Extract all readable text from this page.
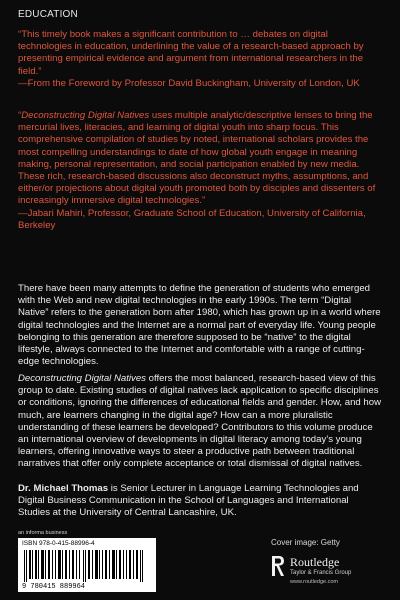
EDUCATION
“This timely book makes a significant contribution to … debates on digital technologies in education, underlining the value of a research-based approach by presenting empirical evidence and argument from international researchers in the field.”
—From the Foreword by Professor David Buckingham, University of London, UK
“Deconstructing Digital Natives uses multiple analytic/descriptive lenses to bring the mercurial lives, literacies, and learning of digital youth into sharp focus. This comprehensive compilation of studies by noted, international scholars provides the most compelling understandings to date of how global youth engage in meaning making, personal representation, and social participation enabled by new media. These rich, research-based discussions also deconstruct myths, assumptions, and either/or projections about digital youth promoted both by disciples and dissenters of increasingly immersive digital technologies.”
—Jabari Mahiri, Professor, Graduate School of Education, University of California, Berkeley
There have been many attempts to define the generation of students who emerged with the Web and new digital technologies in the early 1990s. The term “Digital Native” refers to the generation born after 1980, which has grown up in a world where digital technologies and the Internet are a normal part of everyday life. Young people belonging to this generation are therefore supposed to be “native” to the digital lifestyle, always connected to the Internet and comfortable with a range of cutting-edge technologies.
Deconstructing Digital Natives offers the most balanced, research-based view of this group to date. Existing studies of digital natives lack application to specific disciplines or conditions, ignoring the differences of educational fields and gender. How, and how much, are learners changing in the digital age? How can a more pluralistic understanding of these learners be developed? Contributors to this volume produce an international overview of developments in digital literacy among today’s young learners, offering innovative ways to steer a productive path between traditional narratives that offer only complete acceptance or total dismissal of digital natives.
Dr. Michael Thomas is Senior Lecturer in Language Learning Technologies and Digital Business Communication in the School of Languages and International Studies at the University of Central Lancashire, UK.
an informa business
ISBN 978-0-415-88996-4
9 780415 889964
Cover image: Getty
Routledge
Taylor & Francis Group
www.routledge.com
